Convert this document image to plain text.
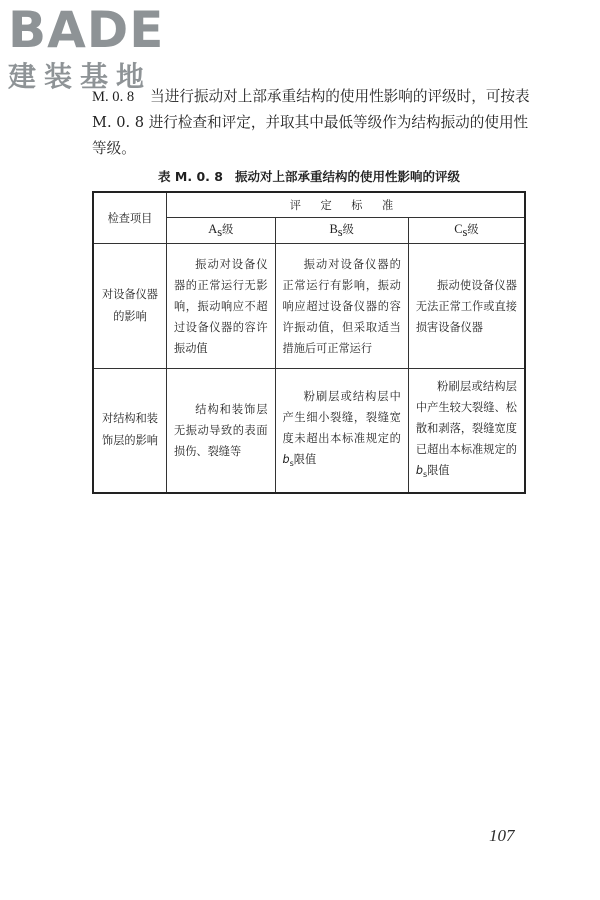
BADE
建装基地
M. 0. 8 当进行振动对上部承重结构的使用性影响的评级时，可按表 M. 0. 8 进行检查和评定，并取其中最低等级作为结构振动的使用性等级。
表 M. 0. 8 振动对上部承重结构的使用性影响的评级
检查项目	评 定 标 准		
	$A_s$级	$B_s$级	$C_s$级
对设备仪器的影响	振动对设备仪器的正常运行无影响，振动响应不超过设备仪器的容许振动值	振动对设备仪器的正常运行有影响，振动响应超过设备仪器的容许振动值，但采取适当措施后可正常运行	振动使设备仪器无法正常工作或直接损害设备仪器
对结构和装饰层的影响	结构和装饰层无振动导致的表面损伤、裂缝等	粉刷层或结构层中产生细小裂缝，裂缝宽度未超出本标准规定的$b_s$限值	粉刷层或结构层中产生较大裂缝、松散和剥落，裂缝宽度已超出本标准规定的$b_s$限值
107
